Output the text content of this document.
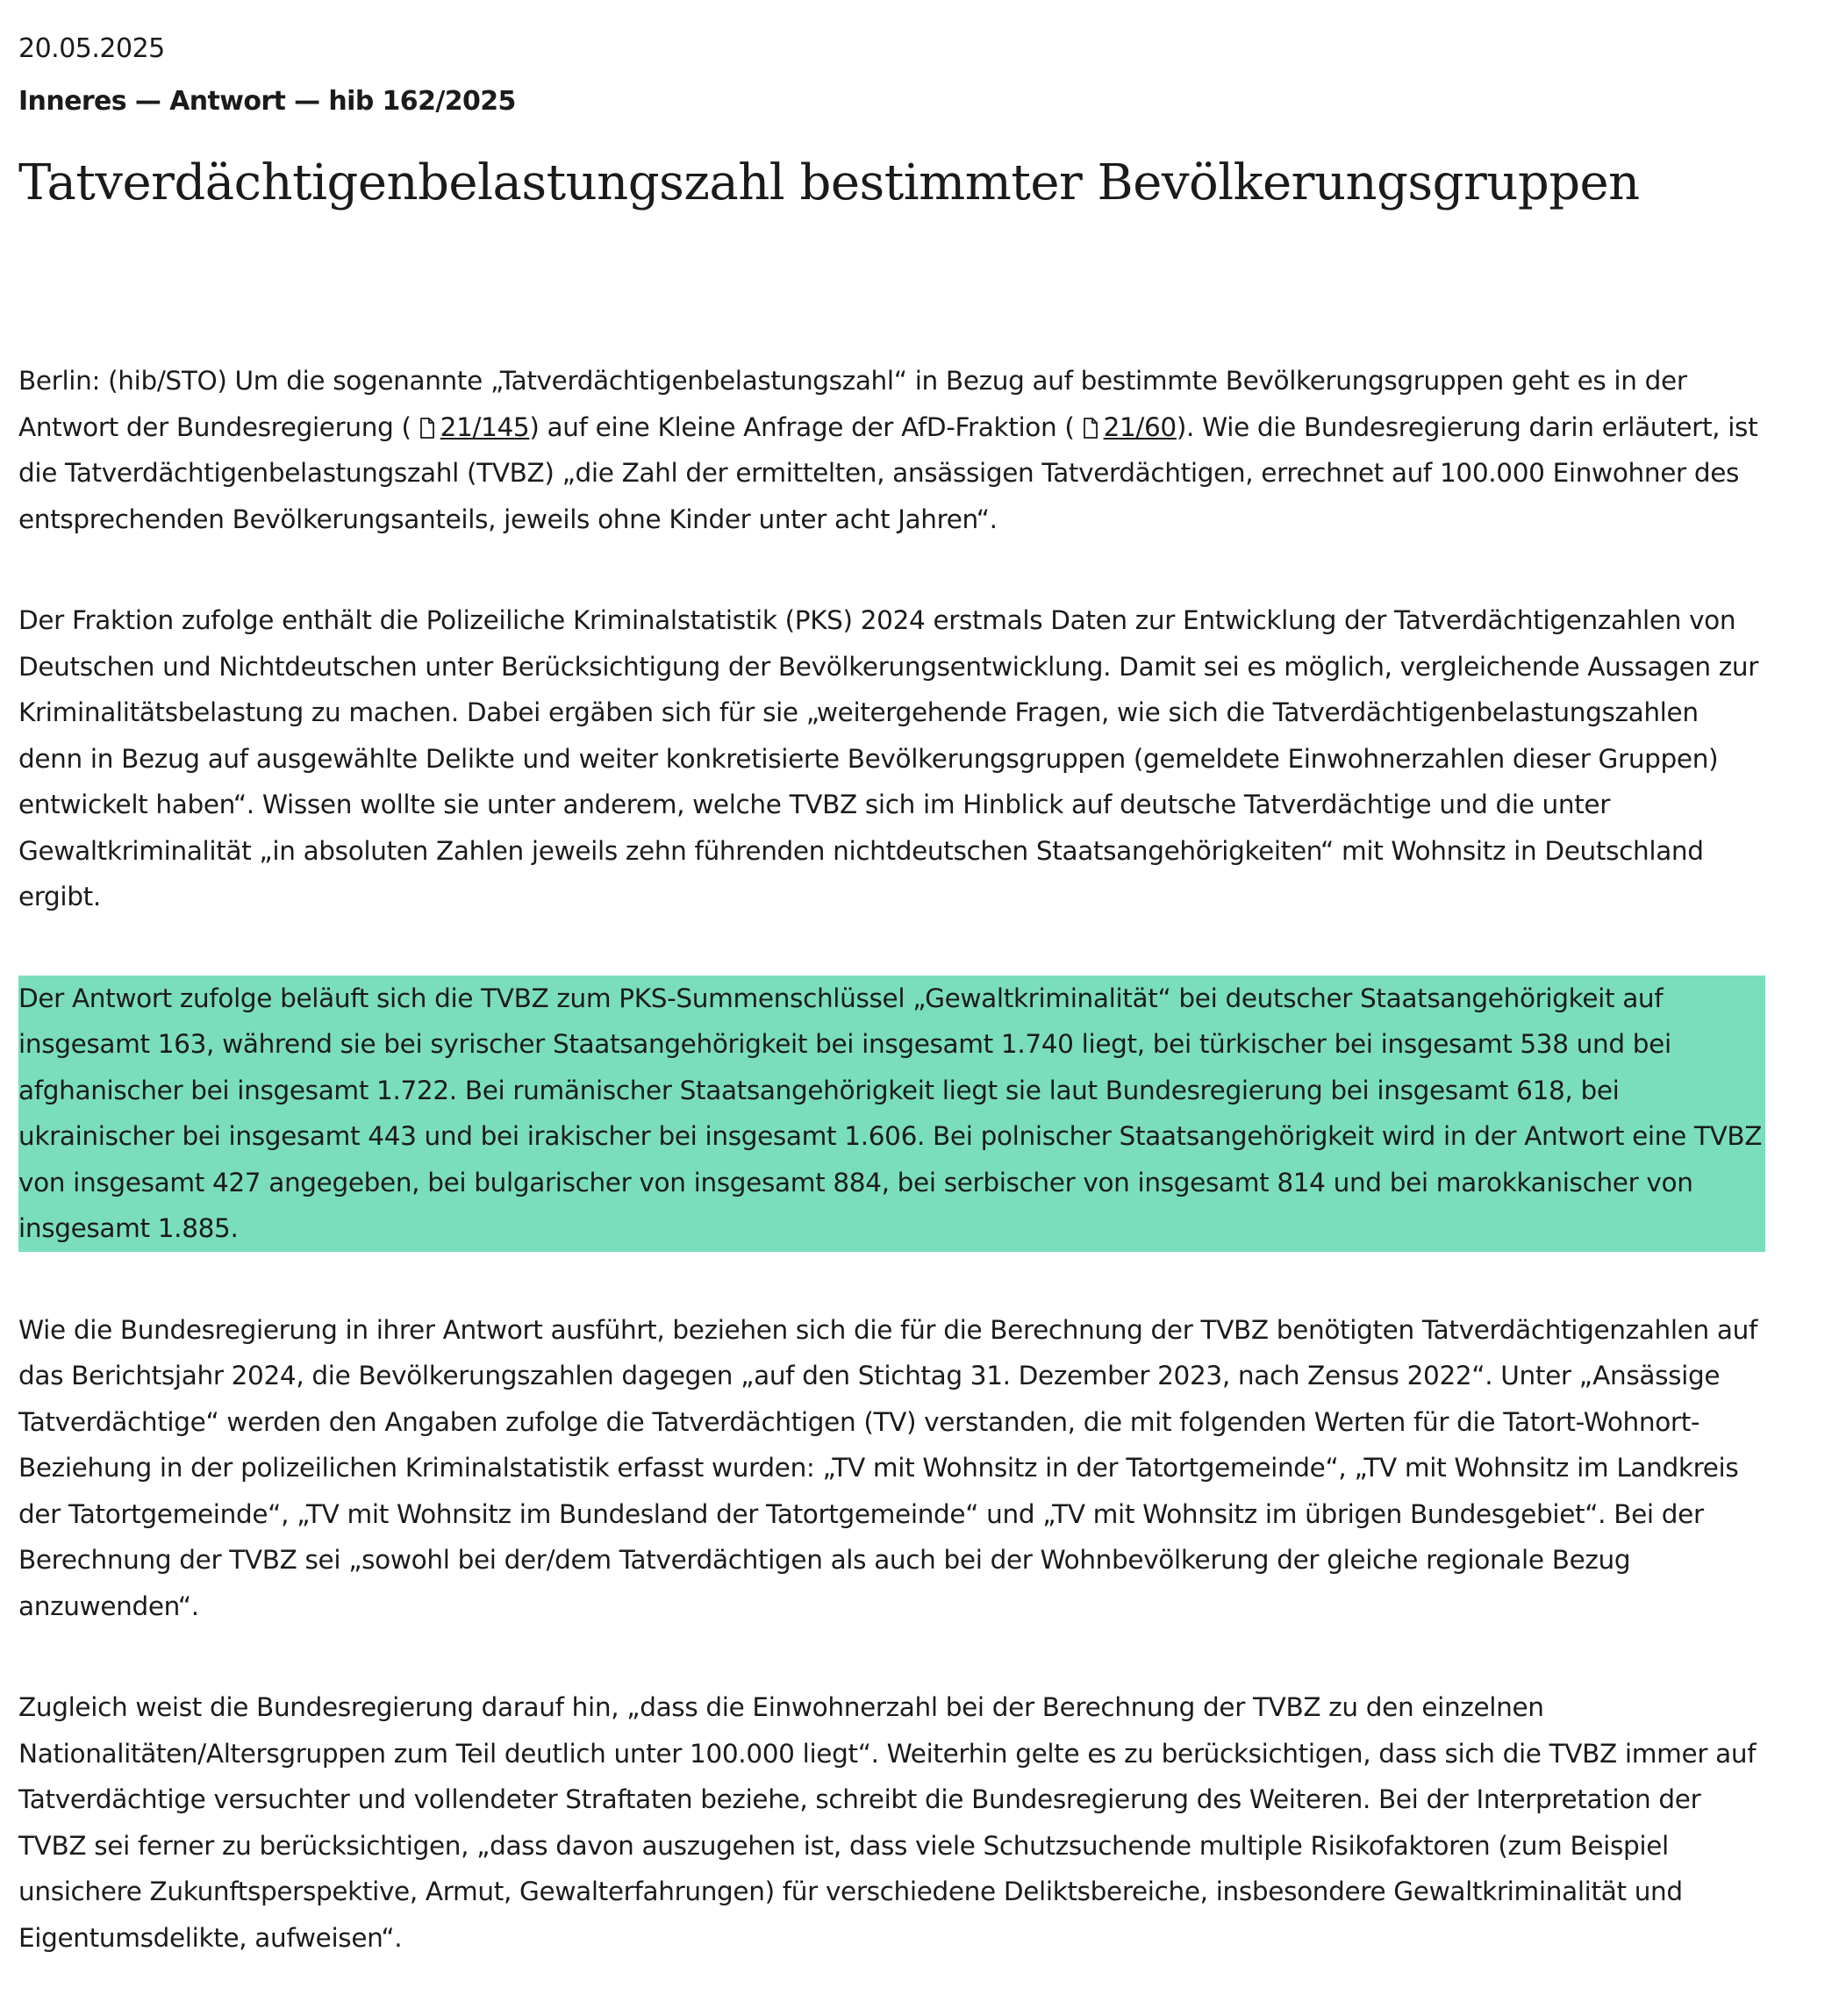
20.05.2025
Inneres — Antwort — hib 162/2025
Tatverdächtigenbelastungszahl bestimmter Bevölkerungsgruppen

Berlin: (hib/STO) Um die sogenannte „Tatverdächtigenbelastungszahl“ in Bezug auf bestimmte Bevölkerungsgruppen geht es in der Antwort der Bundesregierung ( 21/145) auf eine Kleine Anfrage der AfD-Fraktion ( 21/60). Wie die Bundesregierung darin erläutert, ist die Tatverdächtigenbelastungszahl (TVBZ) „die Zahl der ermittelten, ansässigen Tatverdächtigen, errechnet auf 100.000 Einwohner des entsprechenden Bevölkerungsanteils, jeweils ohne Kinder unter acht Jahren“.

Der Fraktion zufolge enthält die Polizeiliche Kriminalstatistik (PKS) 2024 erstmals Daten zur Entwicklung der Tatverdächtigenzahlen von Deutschen und Nichtdeutschen unter Berücksichtigung der Bevölkerungsentwicklung. Damit sei es möglich, vergleichende Aussagen zur Kriminalitätsbelastung zu machen. Dabei ergäben sich für sie „weitergehende Fragen, wie sich die Tatverdächtigenbelastungszahlen denn in Bezug auf ausgewählte Delikte und weiter konkretisierte Bevölkerungsgruppen (gemeldete Einwohnerzahlen dieser Gruppen) entwickelt haben“. Wissen wollte sie unter anderem, welche TVBZ sich im Hinblick auf deutsche Tatverdächtige und die unter Gewaltkriminalität „in absoluten Zahlen jeweils zehn führenden nichtdeutschen Staatsangehörigkeiten“ mit Wohnsitz in Deutschland ergibt.

Der Antwort zufolge beläuft sich die TVBZ zum PKS-Summenschlüssel „Gewaltkriminalität“ bei deutscher Staatsangehörigkeit auf insgesamt 163, während sie bei syrischer Staatsangehörigkeit bei insgesamt 1.740 liegt, bei türkischer bei insgesamt 538 und bei afghanischer bei insgesamt 1.722. Bei rumänischer Staatsangehörigkeit liegt sie laut Bundesregierung bei insgesamt 618, bei ukrainischer bei insgesamt 443 und bei irakischer bei insgesamt 1.606. Bei polnischer Staatsangehörigkeit wird in der Antwort eine TVBZ von insgesamt 427 angegeben, bei bulgarischer von insgesamt 884, bei serbischer von insgesamt 814 und bei marokkanischer von insgesamt 1.885.

Wie die Bundesregierung in ihrer Antwort ausführt, beziehen sich die für die Berechnung der TVBZ benötigten Tatverdächtigenzahlen auf das Berichtsjahr 2024, die Bevölkerungszahlen dagegen „auf den Stichtag 31. Dezember 2023, nach Zensus 2022“. Unter „Ansässige Tatverdächtige“ werden den Angaben zufolge die Tatverdächtigen (TV) verstanden, die mit folgenden Werten für die Tatort-Wohnort-Beziehung in der polizeilichen Kriminalstatistik erfasst wurden: „TV mit Wohnsitz in der Tatortgemeinde“, „TV mit Wohnsitz im Landkreis der Tatortgemeinde“, „TV mit Wohnsitz im Bundesland der Tatortgemeinde“ und „TV mit Wohnsitz im übrigen Bundesgebiet“. Bei der Berechnung der TVBZ sei „sowohl bei der/dem Tatverdächtigen als auch bei der Wohnbevölkerung der gleiche regionale Bezug anzuwenden“.

Zugleich weist die Bundesregierung darauf hin, „dass die Einwohnerzahl bei der Berechnung der TVBZ zu den einzelnen Nationalitäten/Altersgruppen zum Teil deutlich unter 100.000 liegt“. Weiterhin gelte es zu berücksichtigen, dass sich die TVBZ immer auf Tatverdächtige versuchter und vollendeter Straftaten beziehe, schreibt die Bundesregierung des Weiteren. Bei der Interpretation der TVBZ sei ferner zu berücksichtigen, „dass davon auszugehen ist, dass viele Schutzsuchende multiple Risikofaktoren (zum Beispiel unsichere Zukunftsperspektive, Armut, Gewalterfahrungen) für verschiedene Deliktsbereiche, insbesondere Gewaltkriminalität und Eigentumsdelikte, aufweisen“.
